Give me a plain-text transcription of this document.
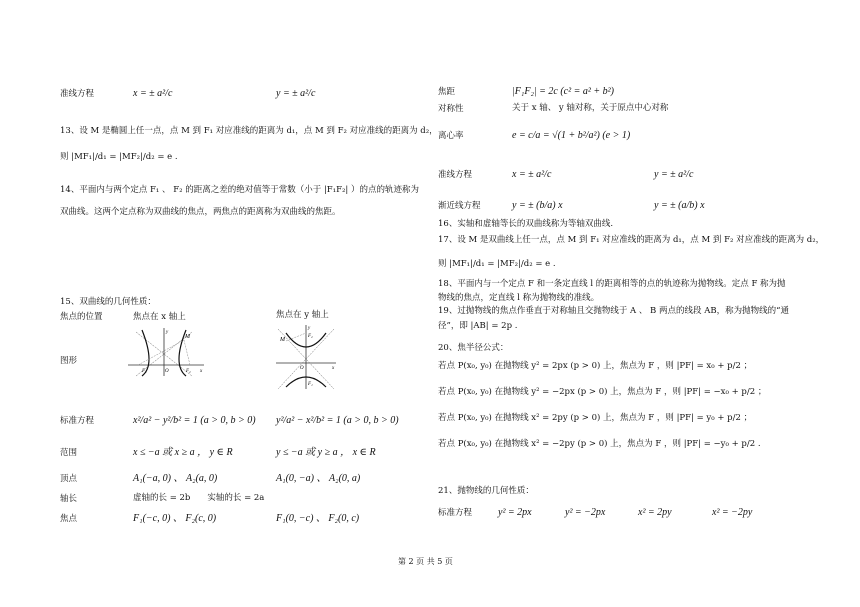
准线方程	x = ± a²/c	y = ± a²/c
13、设 M 是椭圆上任一点，点 M 到 F₁ 对应准线的距离为 d₁，点 M 到 F₂ 对应准线的距离为 d₂，
则 |MF₁|/d₁ = |MF₂|/d₂ = e .
14、平面内与两个定点 F₁ 、 F₂ 的距离之差的绝对值等于常数（小于 |F₁F₂| ）的点的轨迹称为
双曲线。这两个定点称为双曲线的焦点，两焦点的距离称为双曲线的焦距。
15、双曲线的几何性质：
焦点的位置	焦点在 x 轴上	焦点在 y 轴上
图形
M
F₁	F₂
O	x
y
M
F₂
F₁
O	x
y
标准方程	x²/a² − y²/b² = 1 (a > 0, b > 0) y²/a² − x²/b² = 1 (a > 0, b > 0)
范围	x ≤ −a 或 x ≥ a ， y ∈ R	y ≤ −a 或 y ≥ a ， x ∈ R
顶点	A₁(−a, 0) 、 A₂(a, 0)	A₁(0, −a) 、 A₂(0, a)
轴长	虚轴的长 = 2b　　实轴的长 = 2a
焦点	F₁(−c, 0) 、 F₂(c, 0)	F₁(0, −c) 、 F₂(0, c)
焦距	|F₁F₂| = 2c (c² = a² + b²)
对称性	关于 x 轴、 y 轴对称，关于原点中心对称
离心率	e = c/a = √(1 + b²/a²) (e > 1)
准线方程	x = ± a²/c	y = ± a²/c
渐近线方程	y = ± (b/a) x	y = ± (a/b) x
16、实轴和虚轴等长的双曲线称为等轴双曲线.
17、设 M 是双曲线上任一点，点 M 到 F₁ 对应准线的距离为 d₁，点 M 到 F₂ 对应准线的距离为 d₂，
则 |MF₁|/d₁ = |MF₂|/d₂ = e .
18、平面内与一个定点 F 和一条定直线 l 的距离相等的点的轨迹称为抛物线。定点 F 称为抛
物线的焦点，定直线 l 称为抛物线的准线。
19、过抛物线的焦点作垂直于对称轴且交抛物线于 A 、 B 两点的线段 AB，称为抛物线的“通
径”，即 |AB| = 2p .
20、焦半径公式：
若点 P(x₀, y₀) 在抛物线 y² = 2px (p > 0) 上，焦点为 F ，则 |PF| = x₀ + p/2 ；
若点 P(x₀, y₀) 在抛物线 y² = −2px (p > 0) 上，焦点为 F ，则 |PF| = −x₀ + p/2 ；
若点 P(x₀, y₀) 在抛物线 x² = 2py (p > 0) 上，焦点为 F ，则 |PF| = y₀ + p/2 ；
若点 P(x₀, y₀) 在抛物线 x² = −2py (p > 0) 上，焦点为 F ，则 |PF| = −y₀ + p/2 .
21、抛物线的几何性质：
标准方程	y² = 2px	y² = −2px	x² = 2py	x² = −2py
第 2 页 共 5 页
